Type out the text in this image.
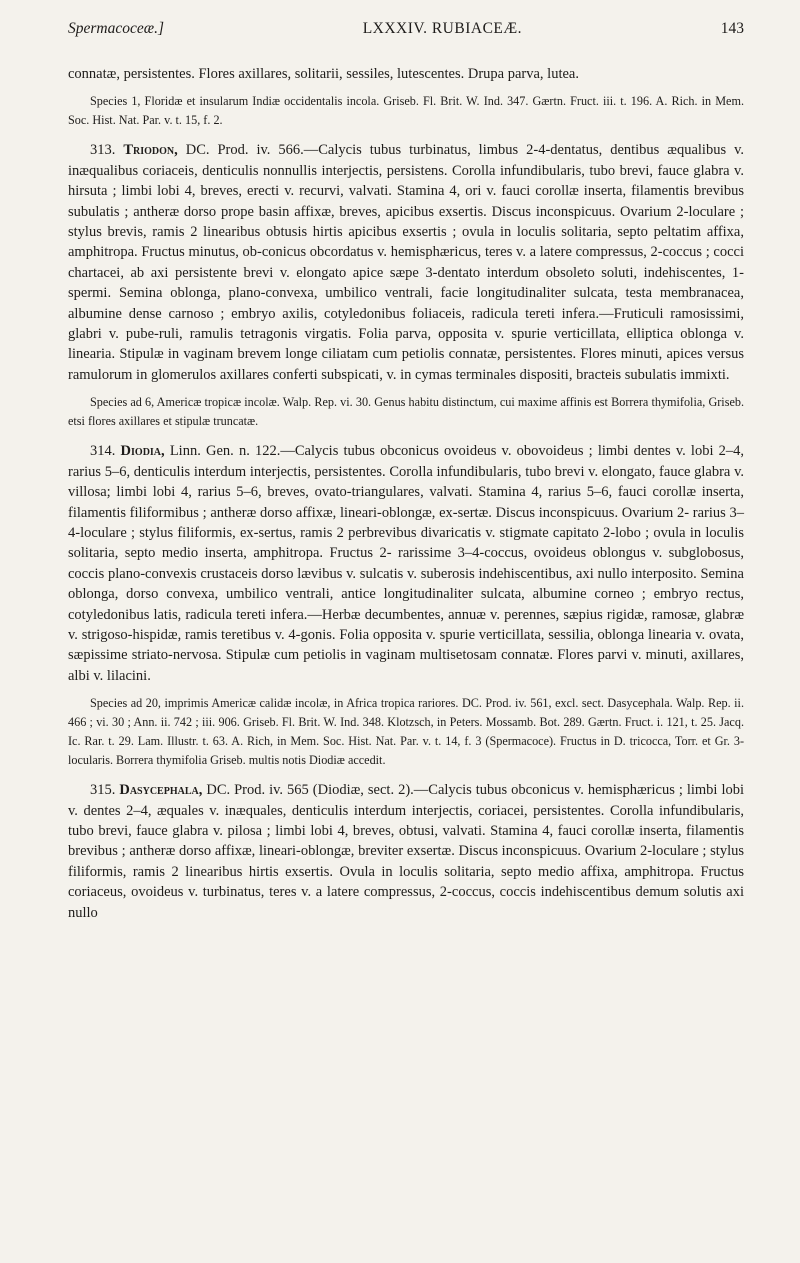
Spermacoceæ.]	LXXXIV. RUBIACEÆ.	143

connatæ, persistentes. Flores axillares, solitarii, sessiles, lutescentes. Drupa parva, lutea.

Species 1, Floridæ et insularum Indiæ occidentalis incola. Griseb. Fl. Brit. W. Ind. 347. Gærtn. Fruct. iii. t. 196. A. Rich. in Mem. Soc. Hist. Nat. Par. v. t. 15, f. 2.

313. Triodon, DC. Prod. iv. 566.—Calycis tubus turbinatus, limbus 2-4-dentatus, dentibus æqualibus v. inæqualibus coriaceis, denticulis nonnullis interjectis, persistens. Corolla infundibularis, tubo brevi, fauce glabra v. hirsuta ; limbi lobi 4, breves, erecti v. recurvi, valvati. Stamina 4, ori v. fauci corollæ inserta, filamentis brevibus subulatis ; antheræ dorso prope basin affixæ, breves, apicibus exsertis. Discus inconspicuus. Ovarium 2-loculare ; stylus brevis, ramis 2 linearibus obtusis hirtis apicibus exsertis ; ovula in loculis solitaria, septo peltatim affixa, amphitropa. Fructus minutus, ob-conicus obcordatus v. hemisphæricus, teres v. a latere compressus, 2-coccus ; cocci chartacei, ab axi persistente brevi v. elongato apice sæpe 3-dentato interdum obsoleto soluti, indehiscentes, 1-spermi. Semina oblonga, plano-convexa, umbilico ventrali, facie longitudinaliter sulcata, testa membranacea, albumine dense carnoso ; embryo axilis, cotyledonibus foliaceis, radicula tereti infera.—Fruticuli ramosissimi, glabri v. pube-ruli, ramulis tetragonis virgatis. Folia parva, opposita v. spurie verticillata, elliptica oblonga v. linearia. Stipulæ in vaginam brevem longe ciliatam cum petiolis connatæ, persistentes. Flores minuti, apices versus ramulorum in glomerulos axillares conferti subspicati, v. in cymas terminales dispositi, bracteis subulatis immixti.

Species ad 6, Americæ tropicæ incolæ. Walp. Rep. vi. 30. Genus habitu distinctum, cui maxime affinis est Borrera thymifolia, Griseb. etsi flores axillares et stipulæ truncatæ.

314. Diodia, Linn. Gen. n. 122.—Calycis tubus obconicus ovoideus v. obovoideus ; limbi dentes v. lobi 2–4, rarius 5–6, denticulis interdum interjectis, persistentes. Corolla infundibularis, tubo brevi v. elongato, fauce glabra v. villosa; limbi lobi 4, rarius 5–6, breves, ovato-triangulares, valvati. Stamina 4, rarius 5–6, fauci corollæ inserta, filamentis filiformibus ; antheræ dorso affixæ, lineari-oblongæ, ex-sertæ. Discus inconspicuus. Ovarium 2- rarius 3–4-loculare ; stylus filiformis, ex-sertus, ramis 2 perbrevibus divaricatis v. stigmate capitato 2-lobo ; ovula in loculis solitaria, septo medio inserta, amphitropa. Fructus 2- rarissime 3–4-coccus, ovoideus oblongus v. subglobosus, coccis plano-convexis crustaceis dorso lævibus v. sulcatis v. suberosis indehiscentibus, axi nullo interposito. Semina oblonga, dorso convexa, umbilico ventrali, antice longitudinaliter sulcata, albumine corneo ; embryo rectus, cotyledonibus latis, radicula tereti infera.—Herbæ decumbentes, annuæ v. perennes, sæpius rigidæ, ramosæ, glabræ v. strigoso-hispidæ, ramis teretibus v. 4-gonis. Folia opposita v. spurie verticillata, sessilia, oblonga linearia v. ovata, sæpissime striato-nervosa. Stipulæ cum petiolis in vaginam multisetosam connatæ. Flores parvi v. minuti, axillares, albi v. lilacini.

Species ad 20, imprimis Americæ calidæ incolæ, in Africa tropica rariores. DC. Prod. iv. 561, excl. sect. Dasycephala. Walp. Rep. ii. 466 ; vi. 30 ; Ann. ii. 742 ; iii. 906. Griseb. Fl. Brit. W. Ind. 348. Klotzsch, in Peters. Mossamb. Bot. 289. Gærtn. Fruct. i. 121, t. 25. Jacq. Ic. Rar. t. 29. Lam. Illustr. t. 63. A. Rich, in Mem. Soc. Hist. Nat. Par. v. t. 14, f. 3 (Spermacoce). Fructus in D. tricocca, Torr. et Gr. 3-locularis. Borrera thymifolia Griseb. multis notis Diodiæ accedit.

315. Dasycephala, DC. Prod. iv. 565 (Diodiæ, sect. 2).—Calycis tubus obconicus v. hemisphæricus ; limbi lobi v. dentes 2–4, æquales v. inæquales, denticulis interdum interjectis, coriacei, persistentes. Corolla infundibularis, tubo brevi, fauce glabra v. pilosa ; limbi lobi 4, breves, obtusi, valvati. Stamina 4, fauci corollæ inserta, filamentis brevibus ; antheræ dorso affixæ, lineari-oblongæ, breviter exsertæ. Discus inconspicuus. Ovarium 2-loculare ; stylus filiformis, ramis 2 linearibus hirtis exsertis. Ovula in loculis solitaria, septo medio affixa, amphitropa. Fructus coriaceus, ovoideus v. turbinatus, teres v. a latere compressus, 2-coccus, coccis indehiscentibus demum solutis axi nullo
